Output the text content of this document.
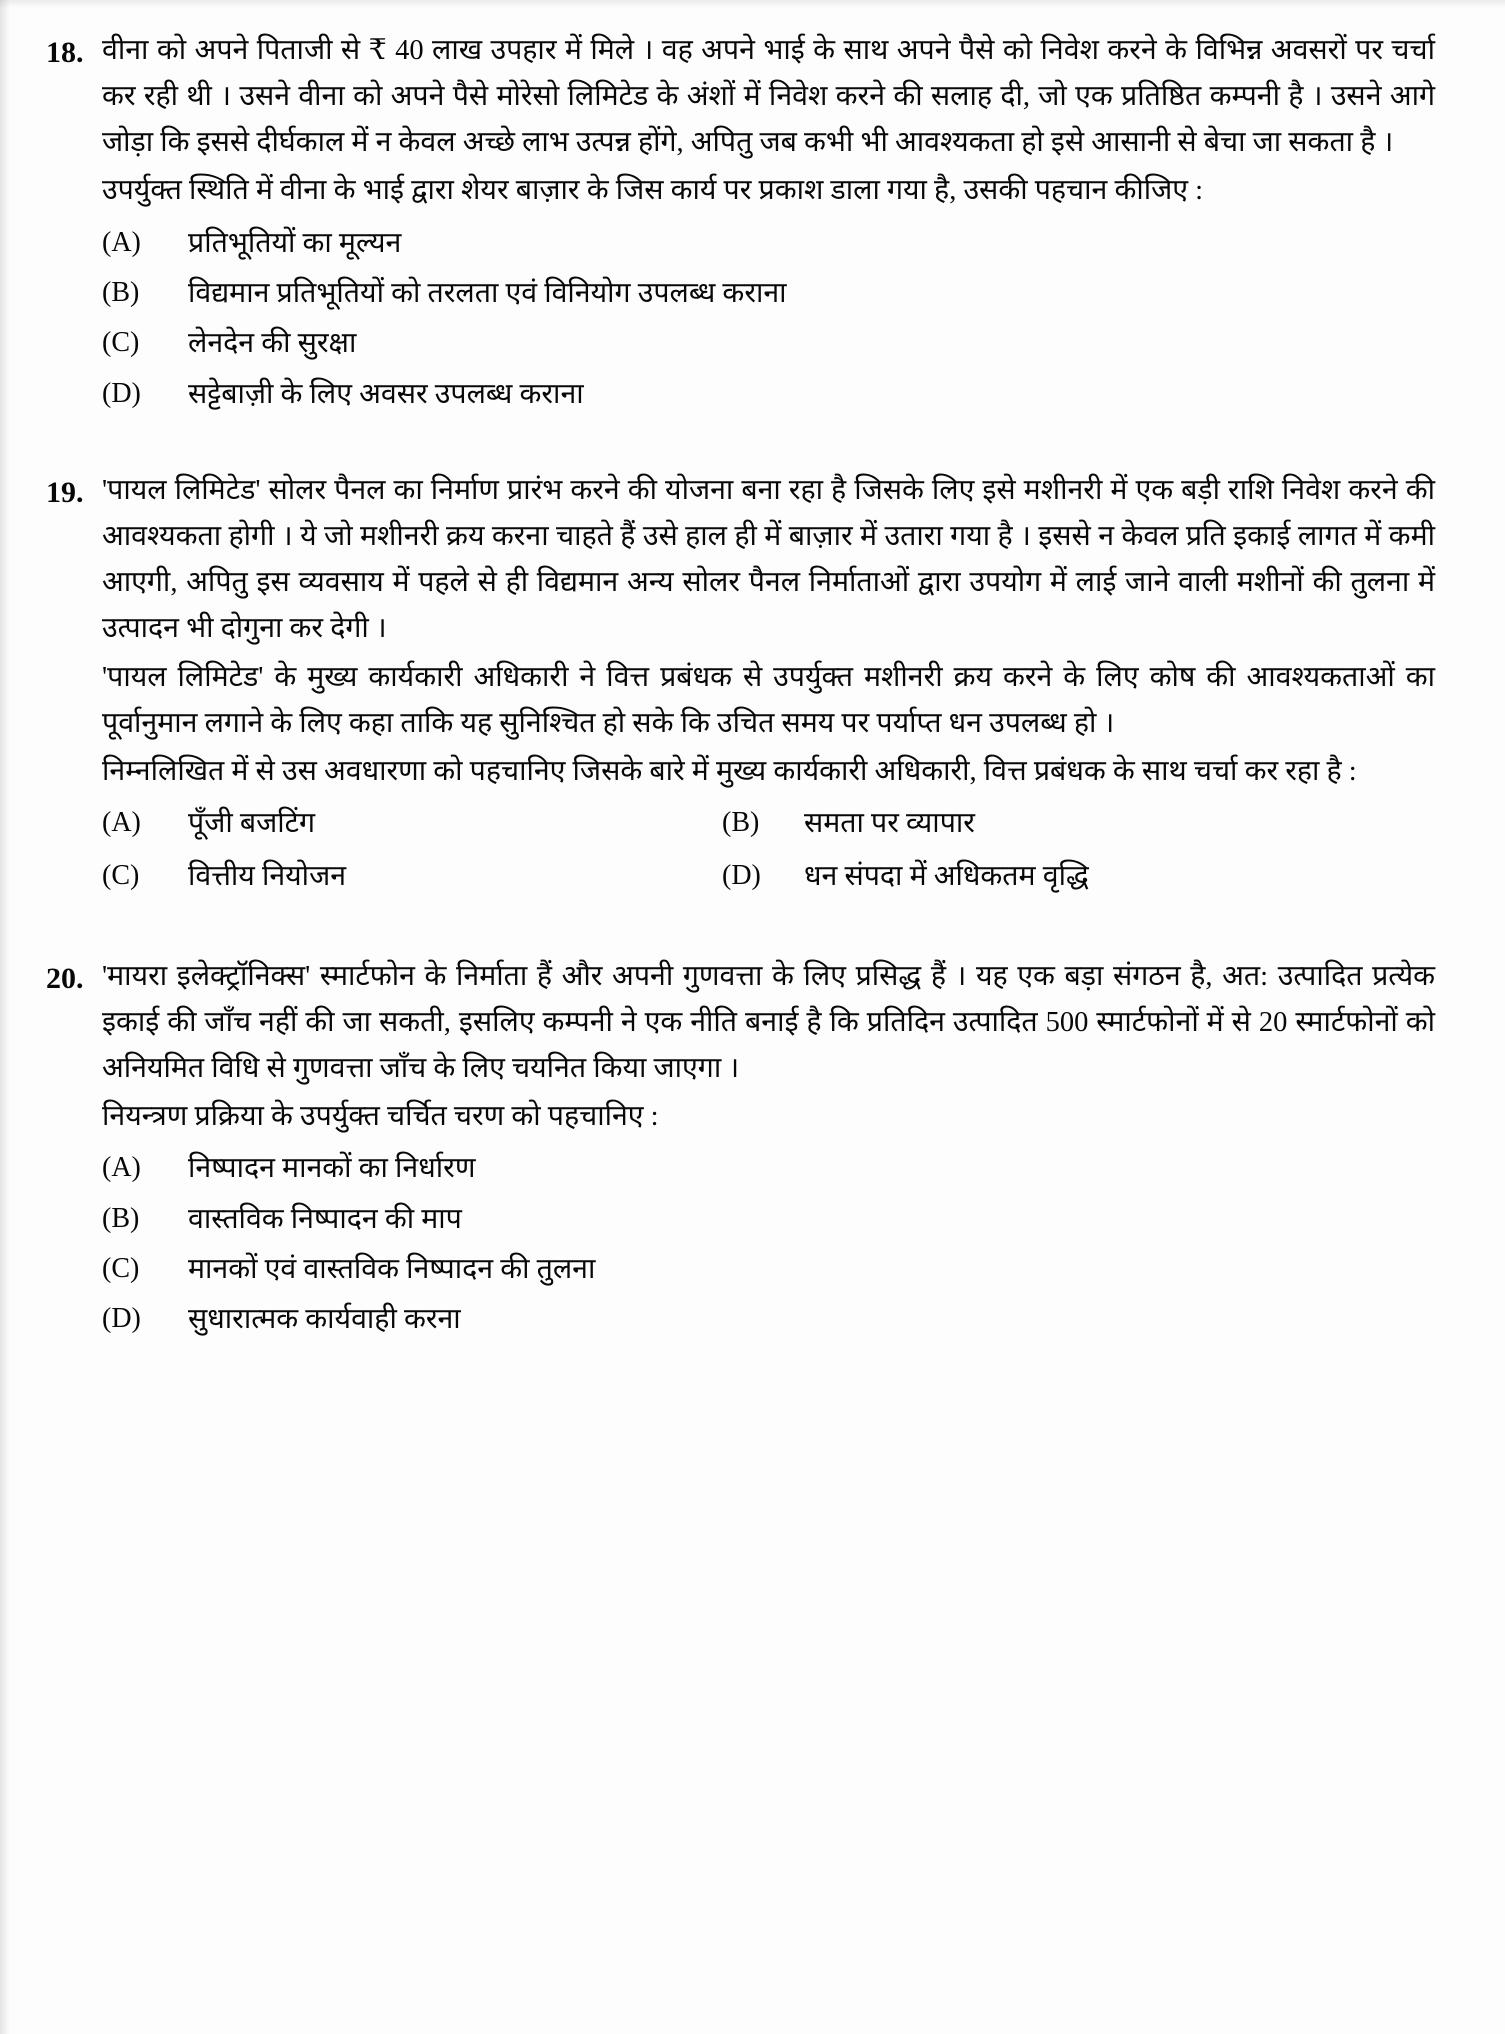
18. वीना को अपने पिताजी से ₹ 40 लाख उपहार में मिले । वह अपने भाई के साथ अपने पैसे को निवेश करने के विभिन्न अवसरों पर चर्चा कर रही थी । उसने वीना को अपने पैसे मोरेसो लिमिटेड के अंशों में निवेश करने की सलाह दी, जो एक प्रतिष्ठित कम्पनी है । उसने आगे जोड़ा कि इससे दीर्घकाल में न केवल अच्छे लाभ उत्पन्न होंगे, अपितु जब कभी भी आवश्यकता हो इसे आसानी से बेचा जा सकता है ।

उपर्युक्त स्थिति में वीना के भाई द्वारा शेयर बाज़ार के जिस कार्य पर प्रकाश डाला गया है, उसकी पहचान कीजिए :

(A)	प्रतिभूतियों का मूल्यन
(B)	विद्यमान प्रतिभूतियों को तरलता एवं विनियोग उपलब्ध कराना
(C)	लेनदेन की सुरक्षा
(D)	सट्टेबाज़ी के लिए अवसर उपलब्ध कराना
19. 'पायल लिमिटेड' सोलर पैनल का निर्माण प्रारंभ करने की योजना बना रहा है जिसके लिए इसे मशीनरी में एक बड़ी राशि निवेश करने की आवश्यकता होगी । ये जो मशीनरी क्रय करना चाहते हैं उसे हाल ही में बाज़ार में उतारा गया है । इससे न केवल प्रति इकाई लागत में कमी आएगी, अपितु इस व्यवसाय में पहले से ही विद्यमान अन्य सोलर पैनल निर्माताओं द्वारा उपयोग में लाई जाने वाली मशीनों की तुलना में उत्पादन भी दोगुना कर देगी ।

'पायल लिमिटेड' के मुख्य कार्यकारी अधिकारी ने वित्त प्रबंधक से उपर्युक्त मशीनरी क्रय करने के लिए कोष की आवश्यकताओं का पूर्वानुमान लगाने के लिए कहा ताकि यह सुनिश्चित हो सके कि उचित समय पर पर्याप्त धन उपलब्ध हो ।

निम्नलिखित में से उस अवधारणा को पहचानिए जिसके बारे में मुख्य कार्यकारी अधिकारी, वित्त प्रबंधक के साथ चर्चा कर रहा है :

(A)	पूँजी बजटिंग	(B)	समता पर व्यापार
(C)	वित्तीय नियोजन	(D)	धन संपदा में अधिकतम वृद्धि
20. 'मायरा इलेक्ट्रॉनिक्स' स्मार्टफोन के निर्माता हैं और अपनी गुणवत्ता के लिए प्रसिद्ध हैं । यह एक बड़ा संगठन है, अत: उत्पादित प्रत्येक इकाई की जाँच नहीं की जा सकती, इसलिए कम्पनी ने एक नीति बनाई है कि प्रतिदिन उत्पादित 500 स्मार्टफोनों में से 20 स्मार्टफोनों को अनियमित विधि से गुणवत्ता जाँच के लिए चयनित किया जाएगा ।

नियन्त्रण प्रक्रिया के उपर्युक्त चर्चित चरण को पहचानिए :

(A)	निष्पादन मानकों का निर्धारण
(B)	वास्तविक निष्पादन की माप
(C)	मानकों एवं वास्तविक निष्पादन की तुलना
(D)	सुधारात्मक कार्यवाही करना
